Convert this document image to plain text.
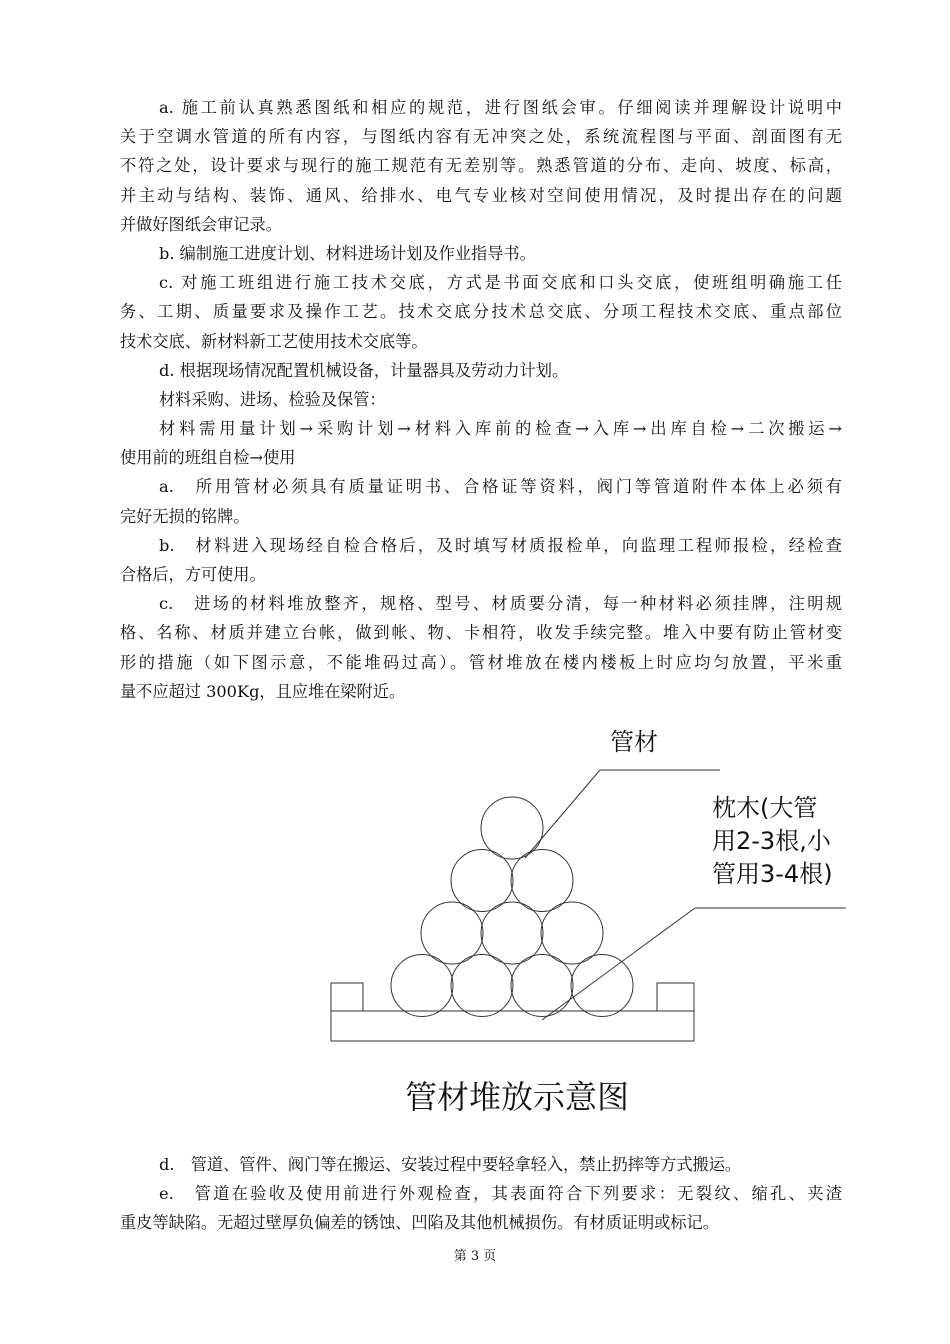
a. 施工前认真熟悉图纸和相应的规范，进行图纸会审。仔细阅读并理解设计说明中
关于空调水管道的所有内容，与图纸内容有无冲突之处，系统流程图与平面、剖面图有无
不符之处，设计要求与现行的施工规范有无差别等。熟悉管道的分布、走向、坡度、标高，
并主动与结构、装饰、通风、给排水、电气专业核对空间使用情况，及时提出存在的问题
并做好图纸会审记录。
b. 编制施工进度计划、材料进场计划及作业指导书。
c. 对施工班组进行施工技术交底，方式是书面交底和口头交底，使班组明确施工任
务、工期、质量要求及操作工艺。技术交底分技术总交底、分项工程技术交底、重点部位
技术交底、新材料新工艺使用技术交底等。
d. 根据现场情况配置机械设备，计量器具及劳动力计划。
材料采购、进场、检验及保管：
材料需用量计划→采购计划→材料入库前的检查→入库→出库自检→二次搬运→
使用前的班组自检→使用
a.　所用管材必须具有质量证明书、合格证等资料，阀门等管道附件本体上必须有
完好无损的铭牌。
b.　材料进入现场经自检合格后，及时填写材质报检单，向监理工程师报检，经检查
合格后，方可使用。
c.　进场的材料堆放整齐，规格、型号、材质要分清，每一种材料必须挂牌，注明规
格、名称、材质并建立台帐，做到帐、物、卡相符，收发手续完整。堆入中要有防止管材变
形的措施（如下图示意，不能堆码过高）。管材堆放在楼内楼板上时应均匀放置，平米重
量不应超过 300Kg，且应堆在梁附近。
管材
枕木(大管
用2-3根,小
管用3-4根)
管材堆放示意图
d.　管道、管件、阀门等在搬运、安装过程中要轻拿轻入，禁止扔摔等方式搬运。
e.　管道在验收及使用前进行外观检查，其表面符合下列要求：无裂纹、缩孔、夹渣
重皮等缺陷。无超过壁厚负偏差的锈蚀、凹陷及其他机械损伤。有材质证明或标记。
第 3 页
